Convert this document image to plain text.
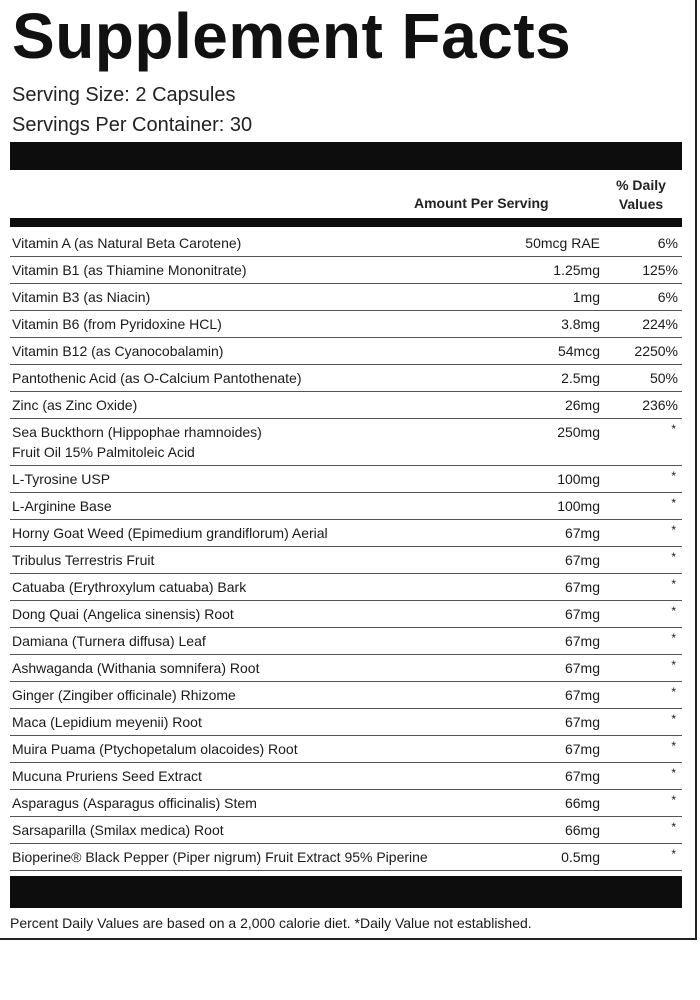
Supplement Facts
Serving Size: 2 Capsules
Servings Per Container: 30
Amount Per Serving
% Daily
Values
Vitamin A (as Natural Beta Carotene)	50mcg RAE	6%
Vitamin B1 (as Thiamine Mononitrate)	1.25mg	125%
Vitamin B3 (as Niacin)	1mg	6%
Vitamin B6 (from Pyridoxine HCL)	3.8mg	224%
Vitamin B12 (as Cyanocobalamin)	54mcg 2250%
Pantothenic Acid (as O-Calcium Pantothenate)	2.5mg	50%
Zinc (as Zinc Oxide)	26mg	236%
Sea Buckthorn (Hippophae rhamnoides)
Fruit Oil 15% Palmitoleic Acid
250mg	*
L-Tyrosine USP	100mg	*
L-Arginine Base	100mg	*
Horny Goat Weed (Epimedium grandiflorum) Aerial	67mg	*
Tribulus Terrestris Fruit	67mg	*
Catuaba (Erythroxylum catuaba) Bark	67mg	*
Dong Quai (Angelica sinensis) Root	67mg	*
Damiana (Turnera diffusa) Leaf	67mg	*
Ashwaganda (Withania somnifera) Root	67mg	*
Ginger (Zingiber officinale) Rhizome	67mg	*
Maca (Lepidium meyenii) Root	67mg	*
Muira Puama (Ptychopetalum olacoides) Root	67mg	*
Mucuna Pruriens Seed Extract	67mg	*
Asparagus (Asparagus officinalis) Stem	66mg	*
Sarsaparilla (Smilax medica) Root	66mg	*
Bioperine® Black Pepper (Piper nigrum) Fruit Extract 95% Piperine	0.5mg	*
Percent Daily Values are based on a 2,000 calorie diet. *Daily Value not established.
